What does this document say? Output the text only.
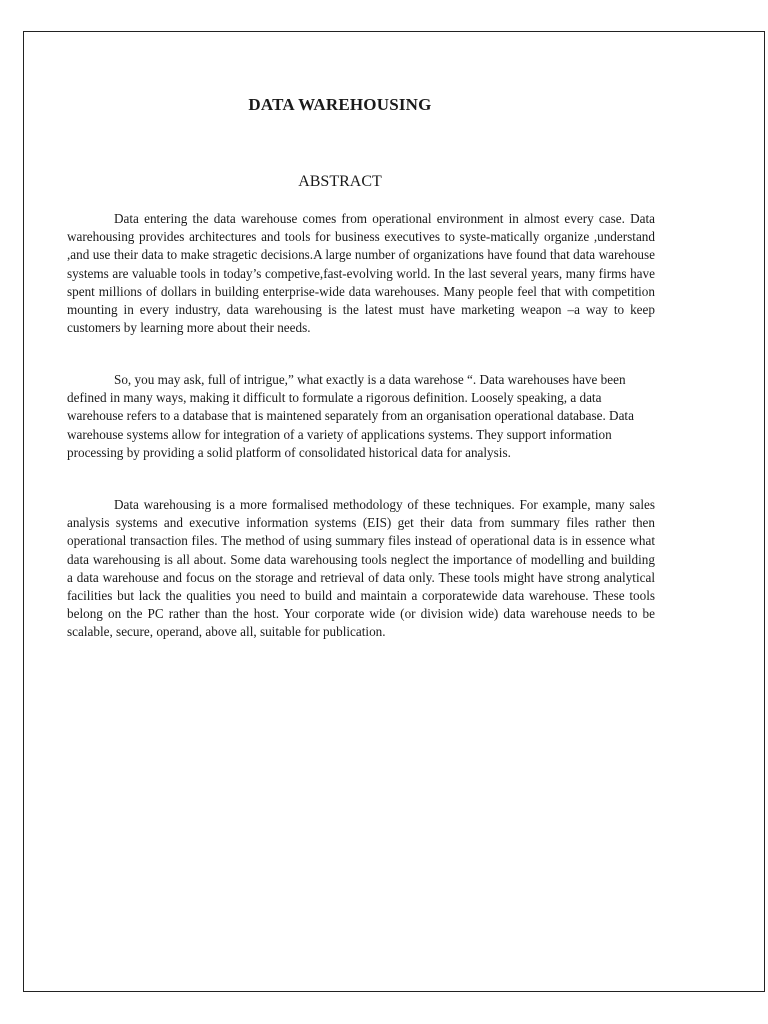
DATA WAREHOUSING
ABSTRACT

Data entering the data warehouse comes from operational environment in almost every case. Data warehousing provides architectures and tools for business executives to syste-matically organize ,understand ,and use their data to make stragetic decisions.A large number of organizations have found that data warehouse systems are valuable tools in today’s competive,fast-evolving world. In the last several years, many firms have spent millions of dollars in building enterprise-wide data warehouses. Many people feel that with competition mounting in every industry, data warehousing is the latest must have marketing weapon –a way to keep customers by learning more about their needs.

So, you may ask, full of intrigue,” what exactly is a data warehose “. Data warehouses have been defined in many ways, making it difficult to formulate a rigorous definition. Loosely speaking, a data warehouse refers to a database that is maintened separately from an organisation operational database. Data warehouse systems allow for integration of a variety of applications systems. They support information processing by providing a solid platform of consolidated historical data for analysis.

Data warehousing is a more formalised methodology of these techniques. For example, many sales analysis systems and executive information systems (EIS) get their data from summary files rather then operational transaction files. The method of using summary files instead of operational data is in essence what data warehousing is all about. Some data warehousing tools neglect the importance of modelling and building a data warehouse and focus on the storage and retrieval of data only. These tools might have strong analytical facilities but lack the qualities you need to build and maintain a corporatewide data warehouse. These tools belong on the PC rather than the host. Your corporate wide (or division wide) data warehouse needs to be scalable, secure, operand, above all, suitable for publication.
